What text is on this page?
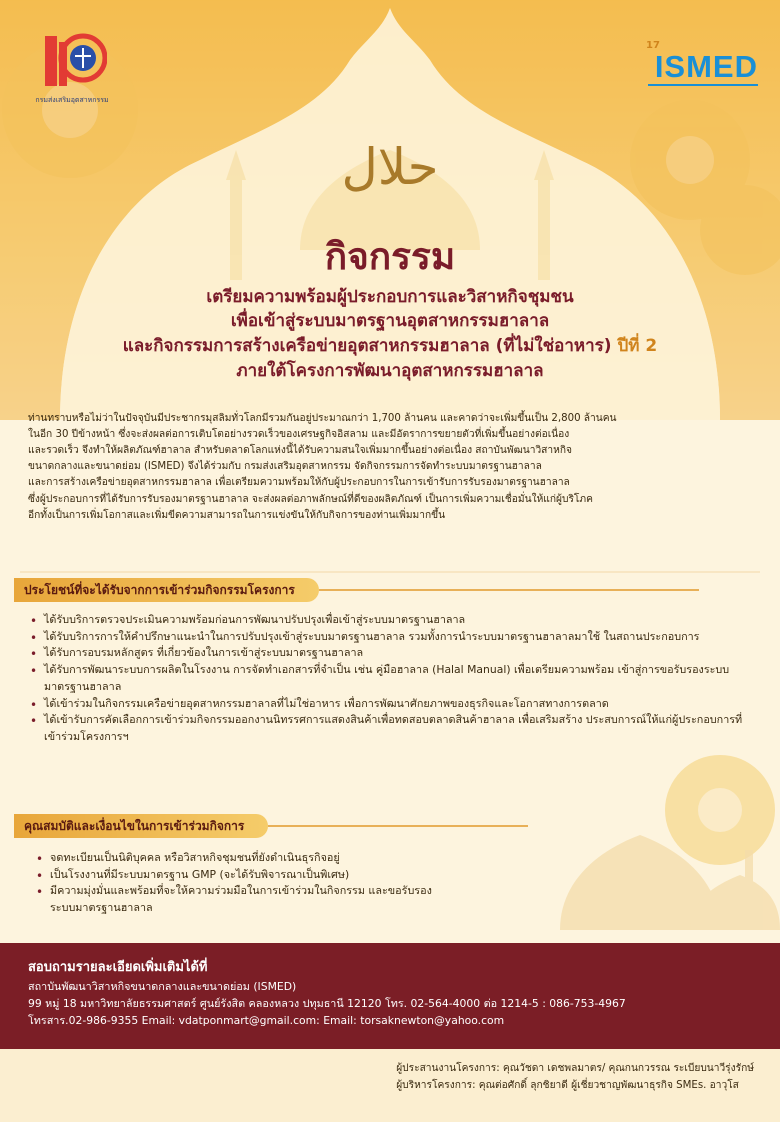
กรมส่งเสริมอุตสาหกรรม
17
ISMED
حلال
กิจกรรม
เตรียมความพร้อมผู้ประกอบการและวิสาหกิจชุมชน
เพื่อเข้าสู่ระบบมาตรฐานอุตสาหกรรมฮาลาล
และกิจกรรมการสร้างเครือข่ายอุตสาหกรรมฮาลาล (ที่ไม่ใช่อาหาร) ปีที่ 2
ภายใต้โครงการพัฒนาอุตสาหกรรมฮาลาล
ท่านทราบหรือไม่ว่าในปัจจุบันมีประชากรมุสลิมทั่วโลกมีรวมกันอยู่ประมาณกว่า 1,700 ล้านคน และคาดว่าจะเพิ่มขึ้นเป็น 2,800 ล้านคน
ในอีก 30 ปีข้างหน้า ซึ่งจะส่งผลต่อการเติบโตอย่างรวดเร็วของเศรษฐกิจอิสลาม และมีอัตราการขยายตัวที่เพิ่มขึ้นอย่างต่อเนื่อง
และรวดเร็ว จึงทำให้ผลิตภัณฑ์ฮาลาล สำหรับตลาดโลกแห่งนี้ได้รับความสนใจเพิ่มมากขึ้นอย่างต่อเนื่อง สถาบันพัฒนาวิสาหกิจ
ขนาดกลางและขนาดย่อม (ISMED) จึงได้ร่วมกับ กรมส่งเสริมอุตสาหกรรม จัดกิจกรรมการจัดทำระบบมาตรฐานฮาลาล
และการสร้างเครือข่ายอุตสาหกรรมฮาลาล เพื่อเตรียมความพร้อมให้กับผู้ประกอบการในการเข้ารับการรับรองมาตรฐานฮาลาล
ซึ่งผู้ประกอบการที่ได้รับการรับรองมาตรฐานฮาลาล จะส่งผลต่อภาพลักษณ์ที่ดีของผลิตภัณฑ์ เป็นการเพิ่มความเชื่อมั่นให้แก่ผู้บริโภค
อีกทั้งเป็นการเพิ่มโอกาสและเพิ่มขีดความสามารถในการแข่งขันให้กับกิจการของท่านเพิ่มมากขึ้น
ประโยชน์ที่จะได้รับจากการเข้าร่วมกิจกรรมโครงการ
• ได้รับบริการตรวจประเมินความพร้อมก่อนการพัฒนาปรับปรุงเพื่อเข้าสู่ระบบมาตรฐานฮาลาล
• ได้รับบริการการให้คำปรึกษาแนะนำในการปรับปรุงเข้าสู่ระบบมาตรฐานฮาลาล รวมทั้งการนำระบบมาตรฐานฮาลาลมาใช้ ในสถานประกอบการ
• ได้รับการอบรมหลักสูตร ที่เกี่ยวข้องในการเข้าสู่ระบบมาตรฐานฮาลาล
• ได้รับการพัฒนาระบบการผลิตในโรงงาน การจัดทำเอกสารที่จำเป็น เช่น คู่มือฮาลาล (Halal Manual) เพื่อเตรียมความพร้อม เข้าสู่การขอรับรองระบบมาตรฐานฮาลาล
• ได้เข้าร่วมในกิจกรรมเครือข่ายอุตสาหกรรมฮาลาลที่ไม่ใช่อาหาร เพื่อการพัฒนาศักยภาพของธุรกิจและโอกาสทางการตลาด
• ได้เข้ารับการคัดเลือกการเข้าร่วมกิจกรรมออกงานนิทรรศการแสดงสินค้าเพื่อทดสอบตลาดสินค้าฮาลาล เพื่อเสริมสร้าง ประสบการณ์ให้แก่ผู้ประกอบการที่เข้าร่วมโครงการฯ
คุณสมบัติและเงื่อนไขในการเข้าร่วมกิจการ
• จดทะเบียนเป็นนิติบุคคล หรือวิสาหกิจชุมชนที่ยังดำเนินธุรกิจอยู่
• เป็นโรงงานที่มีระบบมาตรฐาน GMP (จะได้รับพิจารณาเป็นพิเศษ)
• มีความมุ่งมั่นและพร้อมที่จะให้ความร่วมมือในการเข้าร่วมในกิจกรรม และขอรับรองระบบมาตรฐานฮาลาล
สอบถามรายละเอียดเพิ่มเติมได้ที่
สถาบันพัฒนาวิสาหกิจขนาดกลางและขนาดย่อม (ISMED)
99 หมู่ 18 มหาวิทยาลัยธรรมศาสตร์ ศูนย์รังสิต คลองหลวง ปทุมธานี 12120 โทร. 02-564-4000 ต่อ 1214-5 : 086-753-4967
โทรสาร.02-986-9355 Email: vdatponmart@gmail.com: Email: torsaknewton@yahoo.com
ผู้ประสานงานโครงการ: คุณวัชดา เดชพลมาตร/ คุณกนกวรรณ ระเบียบนาวีรุ่งรักษ์
ผู้บริหารโครงการ: คุณต่อศักดิ์ ลุกชิยาดี ผู้เชี่ยวชาญพัฒนาธุรกิจ SMEs. อาวุโส
